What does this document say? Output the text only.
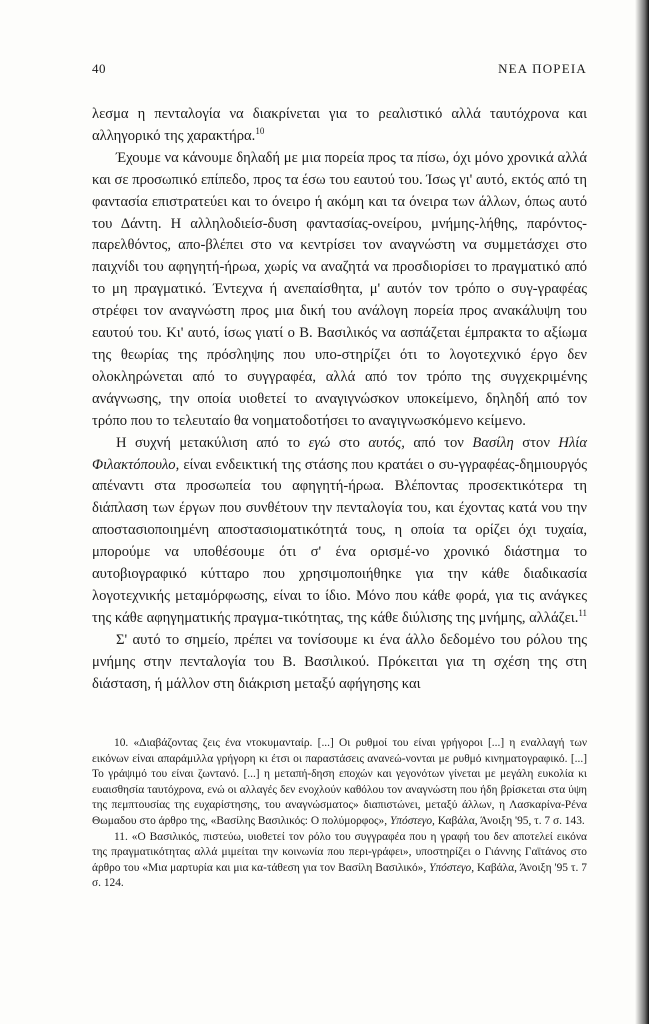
40	ΝΕΑ ΠΟΡΕΙΑ

λεσμα η πενταλογία να διακρίνεται για το ρεαλιστικό αλλά ταυτόχρονα και αλληγορικό της χαρακτήρα.$^{10}$

Έχουμε να κάνουμε δηλαδή με μια πορεία προς τα πίσω, όχι μόνο χρονικά αλλά και σε προσωπικό επίπεδο, προς τα έσω του εαυτού του. Ίσως γι' αυτό, εκτός από τη φαντασία επιστρατεύει και το όνειρο ή ακόμη και τα όνειρα των άλλων, όπως αυτό του Δάντη. Η αλληλοδιείσ-δυση φαντασίας-ονείρου, μνήμης-λήθης, παρόντος-παρελθόντος, απο-βλέπει στο να κεντρίσει τον αναγνώστη να συμμετάσχει στο παιχνίδι του αφηγητή-ήρωα, χωρίς να αναζητά να προσδιορίσει το πραγματικό από το μη πραγματικό. Έντεχνα ή ανεπαίσθητα, μ' αυτόν τον τρόπο ο συγ-γραφέας στρέφει τον αναγνώστη προς μια δική του ανάλογη πορεία προς ανακάλυψη του εαυτού του. Κι' αυτό, ίσως γιατί ο Β. Βασιλικός να ασπάζεται έμπρακτα το αξίωμα της θεωρίας της πρόσληψης που υπο-στηρίζει ότι το λογοτεχνικό έργο δεν ολοκληρώνεται από το συγγραφέα, αλλά από τον τρόπο της συγχεκριμένης ανάγνωσης, την οποία υιοθετεί το αναγιγνώσκον υποκείμενο, δηληδή από τον τρόπο που το τελευταίο θα νοηματοδοτήσει το αναγιγνωσκόμενο κείμενο.

Η συχνή μετακύλιση από το εγώ στο αυτός, από τον Βασίλη στον Ηλία Φιλακτόπουλο, είναι ενδεικτική της στάσης που κρατάει ο συ-γγραφέας-δημιουργός απέναντι στα προσωπεία του αφηγητή-ήρωα. Βλέποντας προσεκτικότερα τη διάπλαση των έργων που συνθέτουν την πενταλογία του, και έχοντας κατά νου την αποστασιοποιημένη αποστασιοματικότητά τους, η οποία τα ορίζει όχι τυχαία, μπορούμε να υποθέσουμε ότι σ' ένα ορισμέ-νο χρονικό διάστημα το αυτοβιογραφικό κύτταρο που χρησιμοποιήθηκε για την κάθε διαδικασία λογοτεχνικής μεταμόρφωσης, είναι το ίδιο. Μόνο που κάθε φορά, για τις ανάγκες της κάθε αφηγηματικής πραγμα-τικότητας, της κάθε διύλισης της μνήμης, αλλάζει.$^{11}$

Σ' αυτό το σημείο, πρέπει να τονίσουμε κι ένα άλλο δεδομένο του ρόλου της μνήμης στην πενταλογία του Β. Βασιλικού. Πρόκειται για τη σχέση της στη διάσταση, ή μάλλον στη διάκριση μεταξύ αφήγησης και

10. «Διαβάζοντας ζεις ένα ντοκυμανταίρ. [...] Οι ρυθμοί του είναι γρήγοροι [...] η εναλλαγή των εικόνων είναι απαράμιλλα γρήγορη κι έτσι οι παραστάσεις ανανεώ-νονται με ρυθμό κινηματογραφικό. [...] Το γράψιμό του είναι ζωντανό. [...] η μεταπή-δηση εποχών και γεγονότων γίνεται με μεγάλη ευκολία κι ευαισθησία ταυτόχρονα, ενώ οι αλλαγές δεν ενοχλούν καθόλου τον αναγνώστη που ήδη βρίσκεται στα ύψη της πεμπτουσίας της ευχαρίστησης, του αναγνώσματος» διαπιστώνει, μεταξύ άλλων, η Λασκαρίνα-Ρένα Θωμαδου στο άρθρο της, «Βασίλης Βασιλικός: Ο πολύμορφος», Υπόστεγο, Καβάλα, Άνοιξη '95, τ. 7 σ. 143.

11. «Ο Βασιλικός, πιστεύω, υιοθετεί τον ρόλο του συγγραφέα που η γραφή του δεν αποτελεί εικόνα της πραγματικότητας αλλά μιμείται την κοινωνία που περι-γράφει», υποστηρίζει ο Γιάννης Γαϊτάνος στο άρθρο του «Μια μαρτυρία και μια κα-τάθεση για τον Βασίλη Βασιλικό», Υπόστεγο, Καβάλα, Άνοιξη '95 τ. 7 σ. 124.
